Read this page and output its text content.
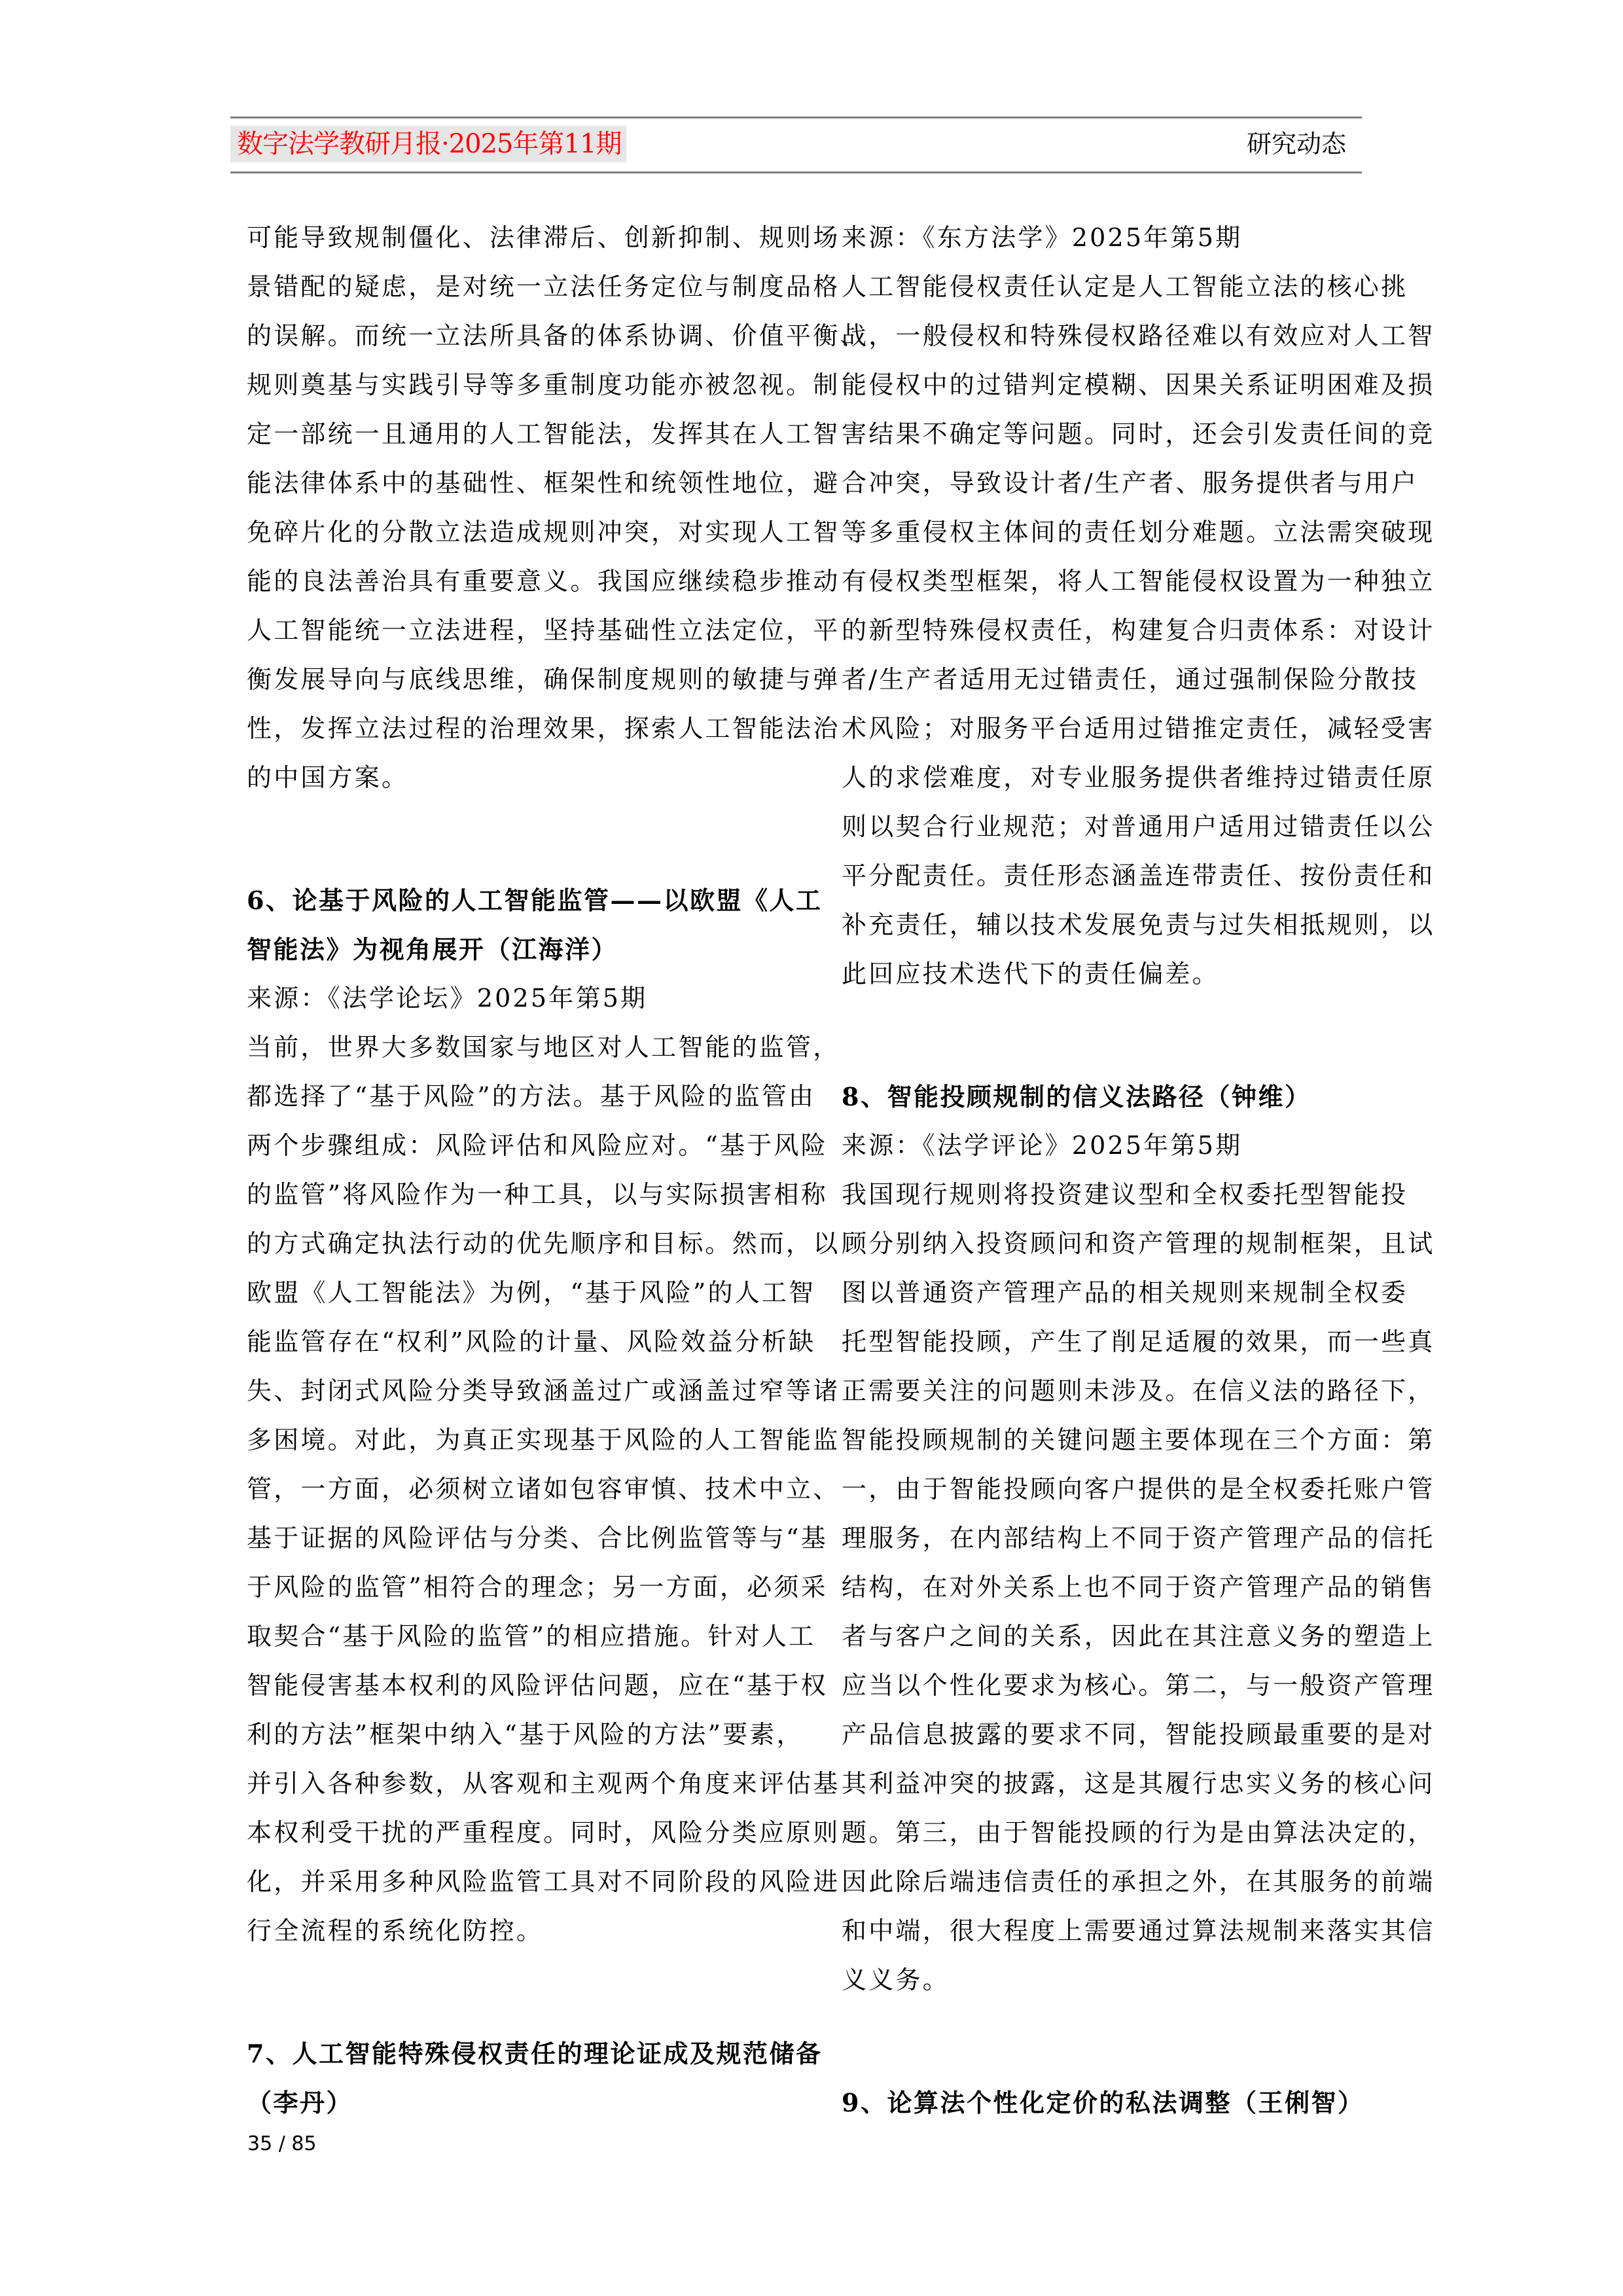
数字法学教研月报·2025年第11期	研究动态
可能导致规制僵化、法律滞后、创新抑制、规则场
景错配的疑虑，是对统一立法任务定位与制度品格
的误解。而统一立法所具备的体系协调、价值平衡、
规则奠基与实践引导等多重制度功能亦被忽视。制
定一部统一且通用的人工智能法，发挥其在人工智
能法律体系中的基础性、框架性和统领性地位，避
免碎片化的分散立法造成规则冲突，对实现人工智
能的良法善治具有重要意义。我国应继续稳步推动
人工智能统一立法进程，坚持基础性立法定位，平
衡发展导向与底线思维，确保制度规则的敏捷与弹
性，发挥立法过程的治理效果，探索人工智能法治
的中国方案。
6、论基于风险的人工智能监管——以欧盟《人工
智能法》为视角展开（江海洋）
来源：《法学论坛》2025年第5期
当前，世界大多数国家与地区对人工智能的监管，
都选择了“基于风险”的方法。基于风险的监管由
两个步骤组成：风险评估和风险应对。“基于风险
的监管”将风险作为一种工具，以与实际损害相称
的方式确定执法行动的优先顺序和目标。然而，以
欧盟《人工智能法》为例，“基于风险”的人工智
能监管存在“权利”风险的计量、风险效益分析缺
失、封闭式风险分类导致涵盖过广或涵盖过窄等诸
多困境。对此，为真正实现基于风险的人工智能监
管，一方面，必须树立诸如包容审慎、技术中立、
基于证据的风险评估与分类、合比例监管等与“基
于风险的监管”相符合的理念；另一方面，必须采
取契合“基于风险的监管”的相应措施。针对人工
智能侵害基本权利的风险评估问题，应在“基于权
利的方法”框架中纳入“基于风险的方法”要素，
并引入各种参数，从客观和主观两个角度来评估基
本权利受干扰的严重程度。同时，风险分类应原则
化，并采用多种风险监管工具对不同阶段的风险进
行全流程的系统化防控。
7、人工智能特殊侵权责任的理论证成及规范储备
（李丹）
来源：《东方法学》2025年第5期
人工智能侵权责任认定是人工智能立法的核心挑
战，一般侵权和特殊侵权路径难以有效应对人工智
能侵权中的过错判定模糊、因果关系证明困难及损
害结果不确定等问题。同时，还会引发责任间的竞
合冲突，导致设计者/生产者、服务提供者与用户
等多重侵权主体间的责任划分难题。立法需突破现
有侵权类型框架，将人工智能侵权设置为一种独立
的新型特殊侵权责任，构建复合归责体系：对设计
者/生产者适用无过错责任，通过强制保险分散技
术风险；对服务平台适用过错推定责任，减轻受害
人的求偿难度，对专业服务提供者维持过错责任原
则以契合行业规范；对普通用户适用过错责任以公
平分配责任。责任形态涵盖连带责任、按份责任和
补充责任，辅以技术发展免责与过失相抵规则，以
此回应技术迭代下的责任偏差。
8、智能投顾规制的信义法路径（钟维）
来源：《法学评论》2025年第5期
我国现行规则将投资建议型和全权委托型智能投
顾分别纳入投资顾问和资产管理的规制框架，且试
图以普通资产管理产品的相关规则来规制全权委
托型智能投顾，产生了削足适履的效果，而一些真
正需要关注的问题则未涉及。在信义法的路径下，
智能投顾规制的关键问题主要体现在三个方面：第
一，由于智能投顾向客户提供的是全权委托账户管
理服务，在内部结构上不同于资产管理产品的信托
结构，在对外关系上也不同于资产管理产品的销售
者与客户之间的关系，因此在其注意义务的塑造上
应当以个性化要求为核心。第二，与一般资产管理
产品信息披露的要求不同，智能投顾最重要的是对
其利益冲突的披露，这是其履行忠实义务的核心问
题。第三，由于智能投顾的行为是由算法决定的，
因此除后端违信责任的承担之外，在其服务的前端
和中端，很大程度上需要通过算法规制来落实其信
义义务。
9、论算法个性化定价的私法调整（王俐智）
35 / 85
